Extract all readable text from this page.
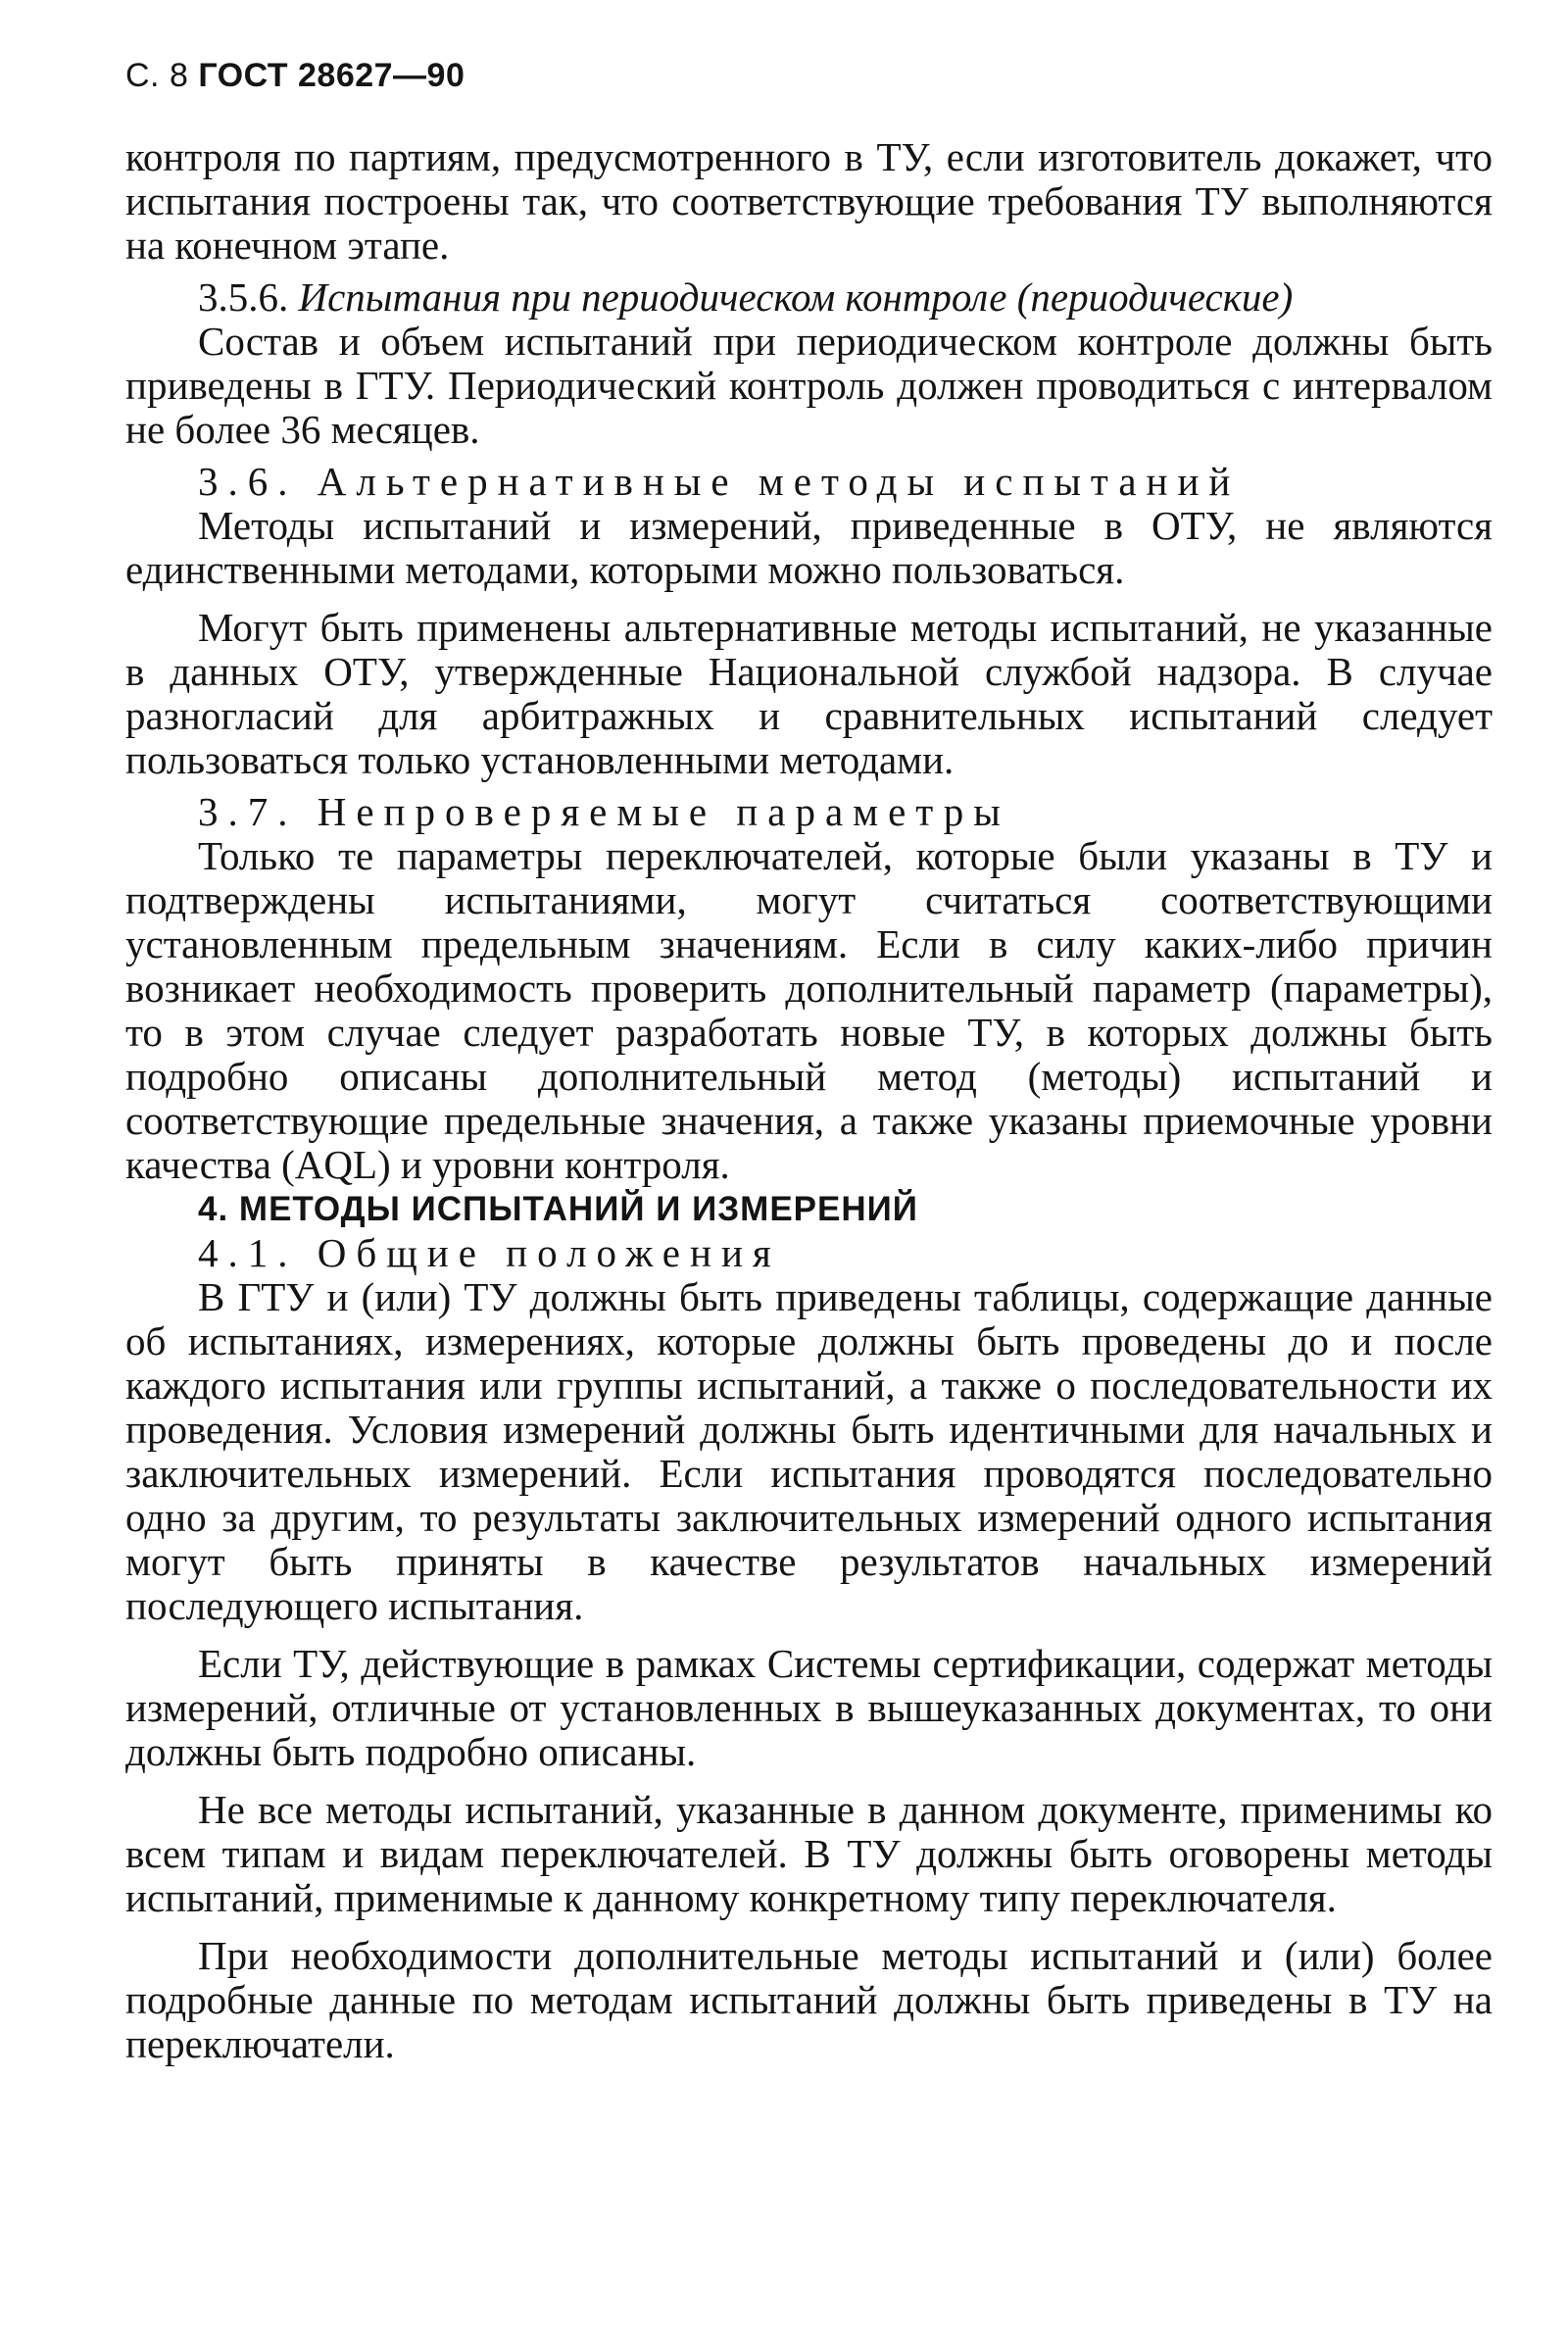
С. 8 ГОСТ 28627—90

контроля по партиям, предусмотренного в ТУ, если изготовитель докажет, что испытания построены так, что соответствующие требования ТУ выполняются на конечном этапе.

3.5.6. Испытания при периодическом контроле (периодические)

Состав и объем испытаний при периодическом контроле должны быть приведены в ГТУ. Периодический контроль должен проводиться с интервалом не более 36 месяцев.

3.6. Альтернативные методы испытаний

Методы испытаний и измерений, приведенные в ОТУ, не являются единственными методами, которыми можно пользоваться.

Могут быть применены альтернативные методы испытаний, не указанные в данных ОТУ, утвержденные Национальной службой надзора. В случае разногласий для арбитражных и сравнительных испытаний следует пользоваться только установленными методами.

3.7. Непроверяемые параметры

Только те параметры переключателей, которые были указаны в ТУ и подтверждены испытаниями, могут считаться соответствующими установленным предельным значениям. Если в силу каких-либо причин возникает необходимость проверить дополнительный параметр (параметры), то в этом случае следует разработать новые ТУ, в которых должны быть подробно описаны дополнительный метод (методы) испытаний и соответствующие предельные значения, а также указаны приемочные уровни качества (AQL) и уровни контроля.

4. МЕТОДЫ ИСПЫТАНИЙ И ИЗМЕРЕНИЙ

4.1. Общие положения

В ГТУ и (или) ТУ должны быть приведены таблицы, содержащие данные об испытаниях, измерениях, которые должны быть проведены до и после каждого испытания или группы испытаний, а также о последовательности их проведения. Условия измерений должны быть идентичными для начальных и заключительных измерений. Если испытания проводятся последовательно одно за другим, то результаты заключительных измерений одного испытания могут быть приняты в качестве результатов начальных измерений последующего испытания.

Если ТУ, действующие в рамках Системы сертификации, содержат методы измерений, отличные от установленных в вышеуказанных документах, то они должны быть подробно описаны.

Не все методы испытаний, указанные в данном документе, применимы ко всем типам и видам переключателей. В ТУ должны быть оговорены методы испытаний, применимые к данному конкретному типу переключателя.

При необходимости дополнительные методы испытаний и (или) более подробные данные по методам испытаний должны быть приведены в ТУ на переключатели.
